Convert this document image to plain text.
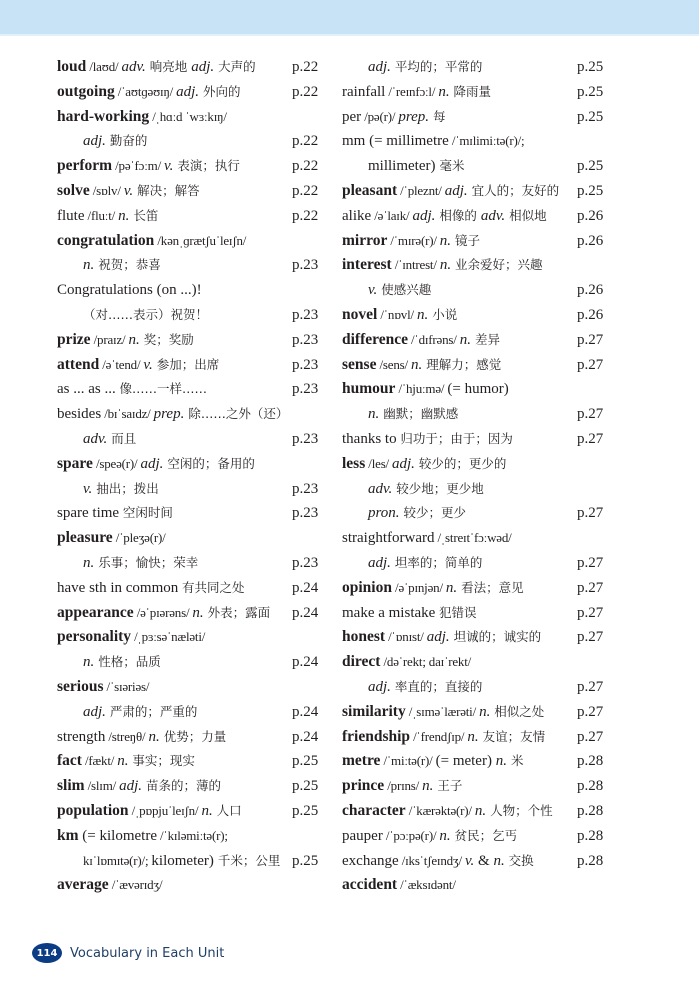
loud /laʊd/ adv. 响亮地 adj. 大声的 p.22
outgoing /ˈaʊtɡəʊɪŋ/ adj. 外向的	p.22
hard-working /ˌhɑːd ˈwɜːkɪŋ/
adj. 勤奋的	p.22
perform /pəˈfɔːm/ v. 表演；执行	p.22
solve /sɒlv/ v. 解决；解答	p.22
flute /fluːt/ n. 长笛	p.22
congratulation /kənˌɡrætʃuˈleɪʃn/
n. 祝贺；恭喜	p.23
Congratulations (on ...)!
（对……表示）祝贺！	p.23
prize /praɪz/ n. 奖；奖励	p.23
attend /əˈtend/ v. 参加；出席	p.23
as ... as ... 像……一样……	p.23
besides /bɪˈsaɪdz/ prep. 除……之外（还）
adv. 而且	p.23
spare /speə(r)/ adj. 空闲的；备用的
v. 抽出；拨出	p.23
spare time 空闲时间	p.23
pleasure /ˈpleʒə(r)/
n. 乐事；愉快；荣幸	p.23
have sth in common 有共同之处	p.24
appearance /əˈpɪərəns/ n. 外表；露面 p.24
personality /ˌpɜːsəˈnæləti/
n. 性格；品质	p.24
serious /ˈsɪəriəs/
adj. 严肃的；严重的	p.24
strength /streŋθ/ n. 优势；力量	p.24
fact /fækt/ n. 事实；现实	p.25
slim /slɪm/ adj. 苗条的；薄的	p.25
population /ˌpɒpjuˈleɪʃn/ n. 人口	p.25
km (= kilometre /ˈkɪləmiːtə(r);
kɪˈlɒmɪtə(r)/; kilometer) 千米；公里 p.25
average /ˈævərɪdʒ/
adj. 平均的；平常的	p.25
rainfall /ˈreɪnfɔːl/ n. 降雨量	p.25
per /pə(r)/ prep. 每	p.25
mm (= millimetre /ˈmɪlimiːtə(r)/;
millimeter) 毫米	p.25
pleasant /ˈpleznt/ adj. 宜人的；友好的 p.25
alike /əˈlaɪk/ adj. 相像的 adv. 相似地 p.26
mirror /ˈmɪrə(r)/ n. 镜子	p.26
interest /ˈɪntrest/ n. 业余爱好；兴趣
v. 使感兴趣	p.26
novel /ˈnɒvl/ n. 小说	p.26
difference /ˈdɪfrəns/ n. 差异	p.27
sense /sens/ n. 理解力；感觉	p.27
humour /ˈhjuːmə/ (= humor)
n. 幽默；幽默感	p.27
thanks to 归功于；由于；因为	p.27
less /les/ adj. 较少的；更少的
adv. 较少地；更少地
pron. 较少；更少	p.27
straightforward /ˌstreɪtˈfɔːwəd/
adj. 坦率的；简单的	p.27
opinion /əˈpɪnjən/ n. 看法；意见	p.27
make a mistake 犯错误	p.27
honest /ˈɒnɪst/ adj. 坦诚的；诚实的 p.27
direct /dəˈrekt; daɪˈrekt/
adj. 率直的；直接的	p.27
similarity /ˌsɪməˈlærəti/ n. 相似之处 p.27
friendship /ˈfrendʃɪp/ n. 友谊；友情 p.27
metre /ˈmiːtə(r)/ (= meter) n. 米	p.28
prince /prɪns/ n. 王子	p.28
character /ˈkærəktə(r)/ n. 人物；个性 p.28
pauper /ˈpɔːpə(r)/ n. 贫民；乞丐	p.28
exchange /ɪksˈtʃeɪndʒ/ v. & n. 交换	p.28
accident /ˈæksɪdənt/
114 Vocabulary in Each Unit
